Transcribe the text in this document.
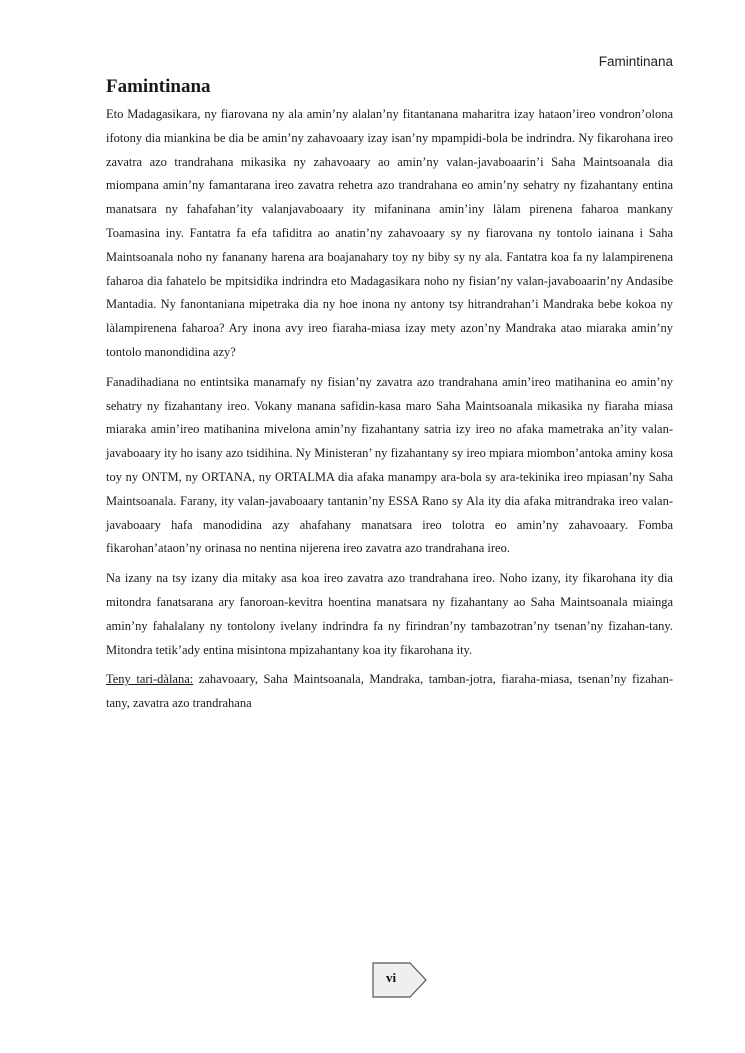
Famintinana
Famintinana

Eto Madagasikara, ny fiarovana ny ala amin’ny alalan’ny fitantanana maharitra izay hataon’ireo vondron’olona ifotony dia miankina be dia be amin’ny zahavoaary izay isan’ny mpampidi-bola be indrindra. Ny fikarohana ireo zavatra azo trandrahana mikasika ny zahavoaary ao amin’ny valan-javaboaarin’i Saha Maintsoanala dia miompana amin’ny famantarana ireo zavatra rehetra azo trandrahana eo amin’ny sehatry ny fizahantany entina manatsara ny fahafahan’ity valanjavaboaary ity mifaninana amin’iny làlam pirenena faharoa mankany Toamasina iny. Fantatra fa efa tafiditra ao anatin’ny zahavoaary sy ny fiarovana ny tontolo iainana i Saha Maintsoanala noho ny fananany harena ara boajanahary toy ny biby sy ny ala. Fantatra koa fa ny lalampirenena faharoa dia fahatelo be mpitsidika indrindra eto Madagasikara noho ny fisian’ny valan-javaboaarin’ny Andasibe Mantadia. Ny fanontaniana mipetraka dia ny hoe inona ny antony tsy hitrandrahan’i Mandraka bebe kokoa ny làlampirenena faharoa? Ary inona avy ireo fiaraha-miasa izay mety azon’ny Mandraka atao miaraka amin’ny tontolo manondidina azy?

Fanadihadiana no entintsika manamafy ny fisian’ny zavatra azo trandrahana amin’ireo matihanina eo amin’ny sehatry ny fizahantany ireo. Vokany manana safidin-kasa maro Saha Maintsoanala mikasika ny fiaraha miasa miaraka amin’ireo matihanina mivelona amin’ny fizahantany satria izy ireo no afaka mametraka an’ity valan-javaboaary ity ho isany azo tsidihina. Ny Ministeran’ ny fizahantany sy ireo mpiara miombon’antoka aminy kosa toy ny ONTM, ny ORTANA, ny ORTALMA dia afaka manampy ara-bola sy ara-tekinika ireo mpiasan’ny Saha Maintsoanala. Farany, ity valan-javaboaary tantanin’ny ESSA Rano sy Ala ity dia afaka mitrandraka ireo valan-javaboaary hafa manodidina azy ahafahany manatsara ireo tolotra eo amin’ny zahavoaary. Fomba fikarohan’ataon’ny orinasa no nentina nijerena ireo zavatra azo trandrahana ireo.

Na izany na tsy izany dia mitaky asa koa ireo zavatra azo trandrahana ireo. Noho izany, ity fikarohana ity dia mitondra fanatsarana ary fanoroan-kevitra hoentina manatsara ny fizahantany ao Saha Maintsoanala miainga amin’ny fahalalany ny tontolony ivelany indrindra fa ny firindran’ny tambazotran’ny tsenan’ny fizahan-tany. Mitondra tetik’ady entina misintona mpizahantany koa ity fikarohana ity.

Teny tari-dàlana: zahavoaary, Saha Maintsoanala, Mandraka, tamban-jotra, fiaraha-miasa, tsenan’ny fizahan-tany, zavatra azo trandrahana

vi
